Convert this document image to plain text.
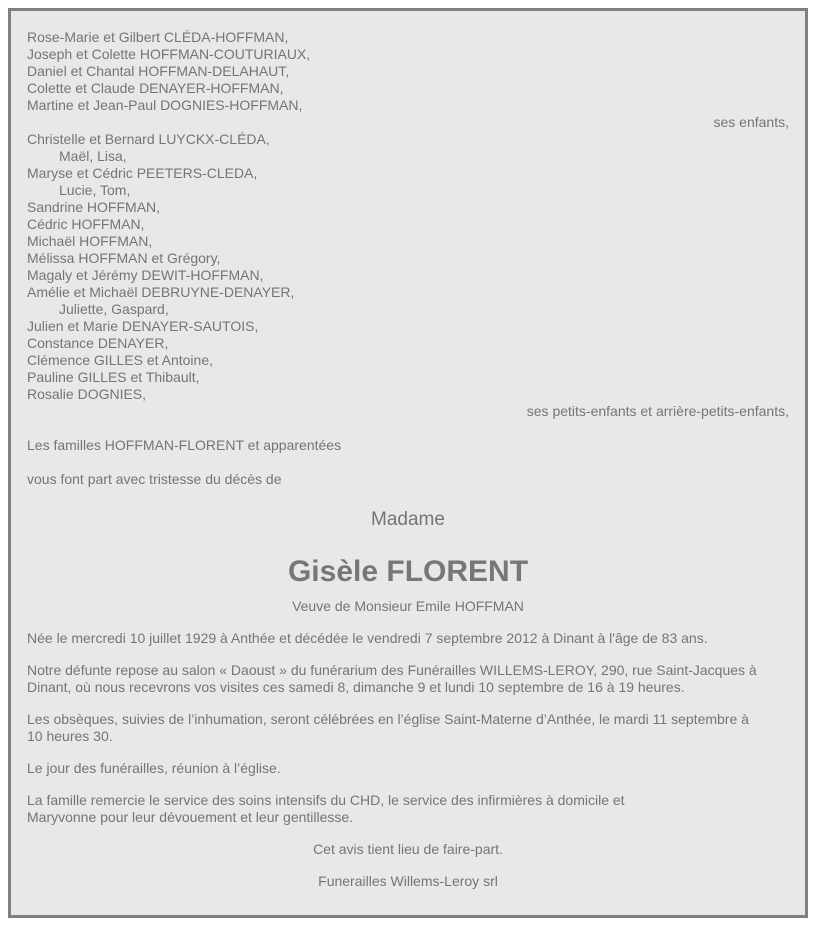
Rose-Marie et Gilbert CLÉDA-HOFFMAN,
Joseph et Colette HOFFMAN-COUTURIAUX,
Daniel et Chantal HOFFMAN-DELAHAUT,
Colette et Claude DENAYER-HOFFMAN,
Martine et Jean-Paul DOGNIES-HOFFMAN,
ses enfants,
Christelle et Bernard LUYCKX-CLÉDA,
Maël, Lisa,
Maryse et Cédric PEETERS-CLEDA,
Lucie, Tom,
Sandrine HOFFMAN,
Cédric HOFFMAN,
Michaël HOFFMAN,
Mélissa HOFFMAN et Grégory,
Magaly et Jérémy DEWIT-HOFFMAN,
Amélie et Michaël DEBRUYNE-DENAYER,
Juliette, Gaspard,
Julien et Marie DENAYER-SAUTOIS,
Constance DENAYER,
Clémence GILLES et Antoine,
Pauline GILLES et Thibault,
Rosalie DOGNIES,
ses petits-enfants et arrière-petits-enfants,
Les familles HOFFMAN-FLORENT et apparentées
vous font part avec tristesse du décès de
Madame
Gisèle FLORENT
Veuve de Monsieur Emile HOFFMAN
Née le mercredi 10 juillet 1929 à Anthée et décédée le vendredi 7 septembre 2012 à Dinant à l'âge de 83 ans.
Notre défunte repose au salon « Daoust » du funérarium des Funérailles WILLEMS-LEROY, 290, rue Saint-Jacques à
Dinant, où nous recevrons vos visites ces samedi 8, dimanche 9 et lundi 10 septembre de 16 à 19 heures.
Les obsèques, suivies de l’inhumation, seront célébrées en l’église Saint-Materne d’Anthée, le mardi 11 septembre à
10 heures 30.
Le jour des funérailles, réunion à l’église.
La famille remercie le service des soins intensifs du CHD, le service des infirmières à domicile et
Maryvonne pour leur dévouement et leur gentillesse.
Cet avis tient lieu de faire-part.
Funerailles Willems-Leroy srl
